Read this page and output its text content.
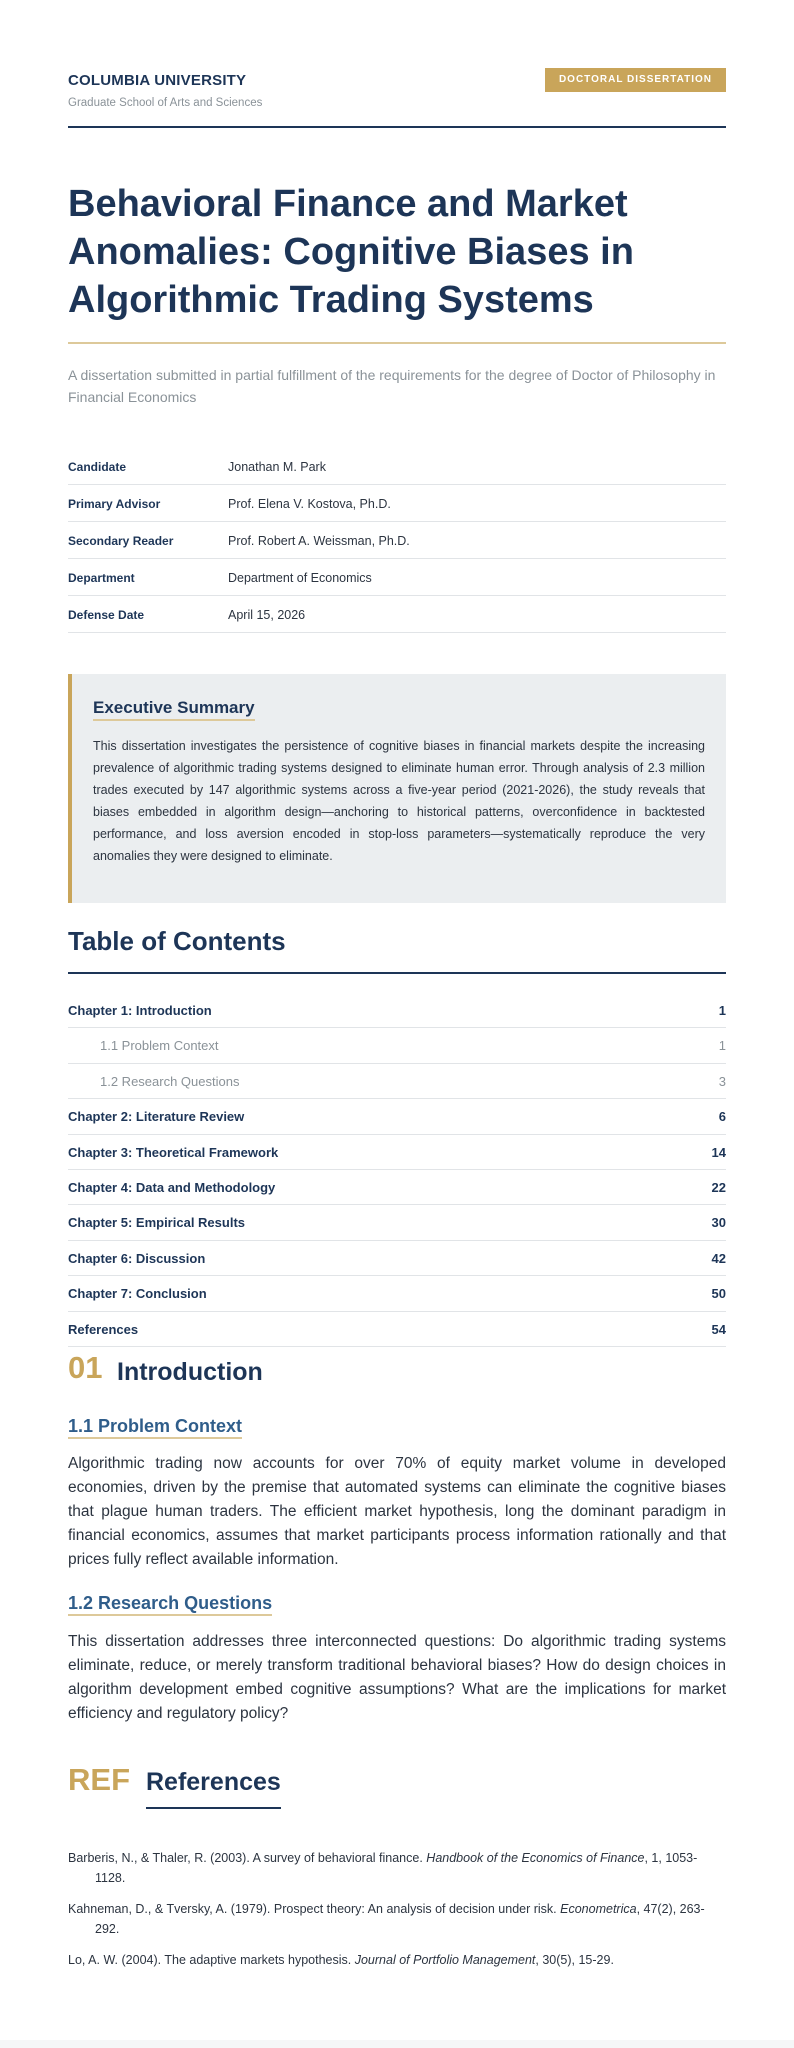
COLUMBIA UNIVERSITY
Graduate School of Arts and Sciences
DOCTORAL DISSERTATION
Behavioral Finance and Market Anomalies: Cognitive Biases in Algorithmic Trading Systems

A dissertation submitted in partial fulfillment of the requirements for the degree of Doctor of Philosophy in Financial Economics

Candidate	Jonathan M. Park
Primary Advisor	Prof. Elena V. Kostova, Ph.D.
Secondary Reader	Prof. Robert A. Weissman, Ph.D.
Department	Department of Economics
Defense Date	April 15, 2026
Executive Summary

This dissertation investigates the persistence of cognitive biases in financial markets despite the increasing prevalence of algorithmic trading systems designed to eliminate human error. Through analysis of 2.3 million trades executed by 147 algorithmic systems across a five-year period (2021-2026), the study reveals that biases embedded in algorithm design—anchoring to historical patterns, overconfidence in backtested performance, and loss aversion encoded in stop-loss parameters—systematically reproduce the very anomalies they were designed to eliminate.

Table of Contents
Chapter 1: Introduction	1
1.1 Problem Context	1
1.2 Research Questions	3
Chapter 2: Literature Review	6
Chapter 3: Theoretical Framework	14
Chapter 4: Data and Methodology	22
Chapter 5: Empirical Results	30
Chapter 6: Discussion	42
Chapter 7: Conclusion	50
References	54
01 Introduction
1.1 Problem Context

Algorithmic trading now accounts for over 70% of equity market volume in developed economies, driven by the premise that automated systems can eliminate the cognitive biases that plague human traders. The efficient market hypothesis, long the dominant paradigm in financial economics, assumes that market participants process information rationally and that prices fully reflect available information.

1.2 Research Questions

This dissertation addresses three interconnected questions: Do algorithmic trading systems eliminate, reduce, or merely transform traditional behavioral biases? How do design choices in algorithm development embed cognitive assumptions? What are the implications for market efficiency and regulatory policy?

REF References

Barberis, N., & Thaler, R. (2003). A survey of behavioral finance. Handbook of the Economics of Finance, 1, 1053-1128.

Kahneman, D., & Tversky, A. (1979). Prospect theory: An analysis of decision under risk. Econometrica, 47(2), 263-292.

Lo, A. W. (2004). The adaptive markets hypothesis. Journal of Portfolio Management, 30(5), 15-29.
